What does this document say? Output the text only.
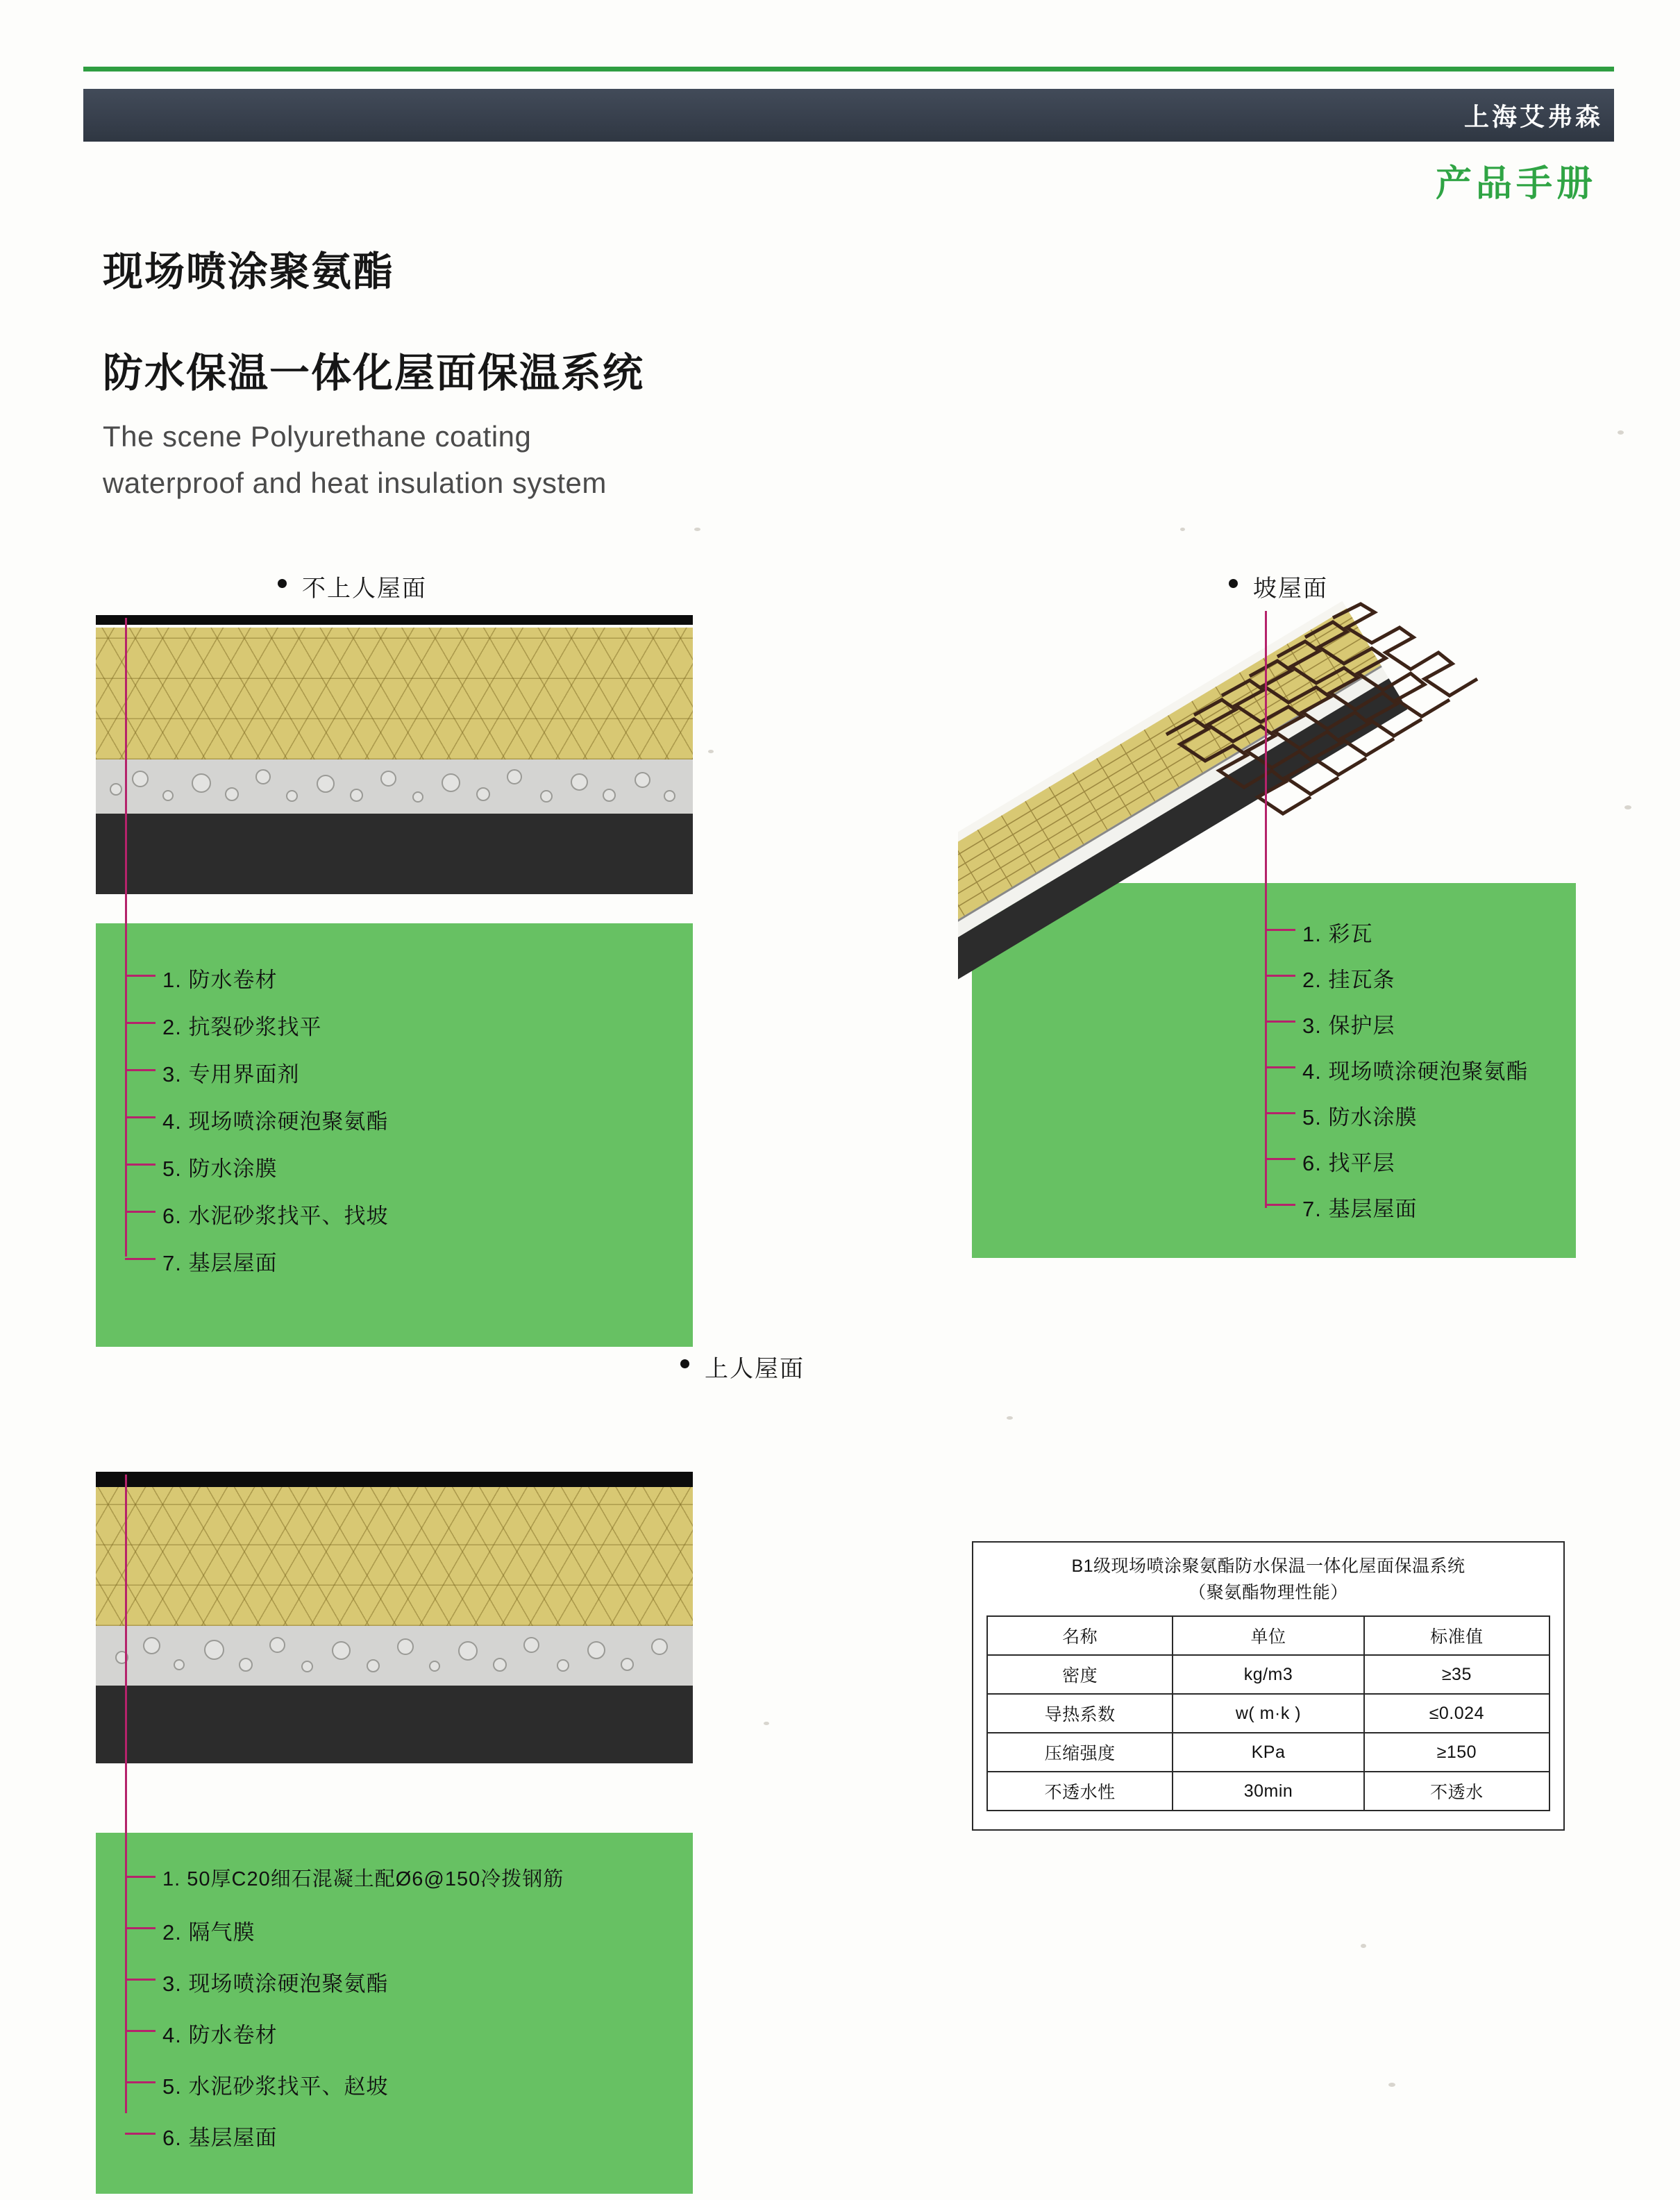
上海艾弗森
产品手册
现场喷涂聚氨酯
防水保温一体化屋面保温系统
The scene Polyurethane coating
waterproof and heat insulation system
不上人屋面
1. 防水卷材
2. 抗裂砂浆找平
3. 专用界面剂
4. 现场喷涂硬泡聚氨酯
5. 防水涂膜
6. 水泥砂浆找平、找坡
7. 基层屋面
坡屋面
1. 彩瓦
2. 挂瓦条
3. 保护层
4. 现场喷涂硬泡聚氨酯
5. 防水涂膜
6. 找平层
7. 基层屋面
上人屋面
1. 50厚C20细石混凝土配Ø6@150冷拨钢筋
2. 隔气膜
3. 现场喷涂硬泡聚氨酯
4. 防水卷材
5. 水泥砂浆找平、赵坡
6. 基层屋面
B1级现场喷涂聚氨酯防水保温一体化屋面保温系统
（聚氨酯物理性能）
名称	单位	标准值
密度	kg/m3	≥35
导热系数	w( m·k )	≤0.024
压缩强度	KPa	≥150
不透水性	30min	不透水
